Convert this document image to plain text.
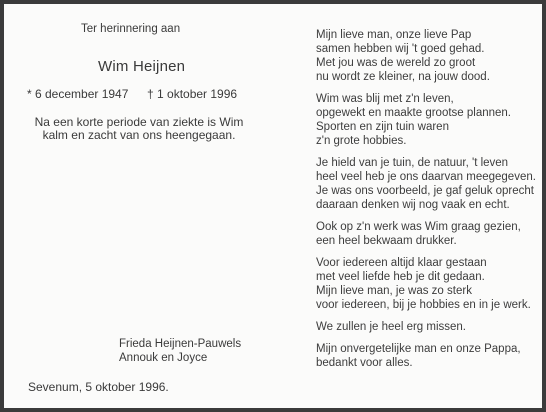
Ter herinnering aan
Wim Heijnen
* 6 december 1947 † 1 oktober 1996
Na een korte periode van ziekte is Wim
kalm en zacht van ons heengegaan.
Frieda Heijnen-Pauwels
Annouk en Joyce
Sevenum, 5 oktober 1996.
Mijn lieve man, onze lieve Pap
samen hebben wij 't goed gehad.
Met jou was de wereld zo groot
nu wordt ze kleiner, na jouw dood.
Wim was blij met z'n leven,
opgewekt en maakte grootse plannen.
Sporten en zijn tuin waren
z'n grote hobbies.
Je hield van je tuin, de natuur, 't leven
heel veel heb je ons daarvan meegegeven.
Je was ons voorbeeld, je gaf geluk oprecht
daaraan denken wij nog vaak en echt.
Ook op z'n werk was Wim graag gezien,
een heel bekwaam drukker.
Voor iedereen altijd klaar gestaan
met veel liefde heb je dit gedaan.
Mijn lieve man, je was zo sterk
voor iedereen, bij je hobbies en in je werk.
We zullen je heel erg missen.
Mijn onvergetelijke man en onze Pappa,
bedankt voor alles.
